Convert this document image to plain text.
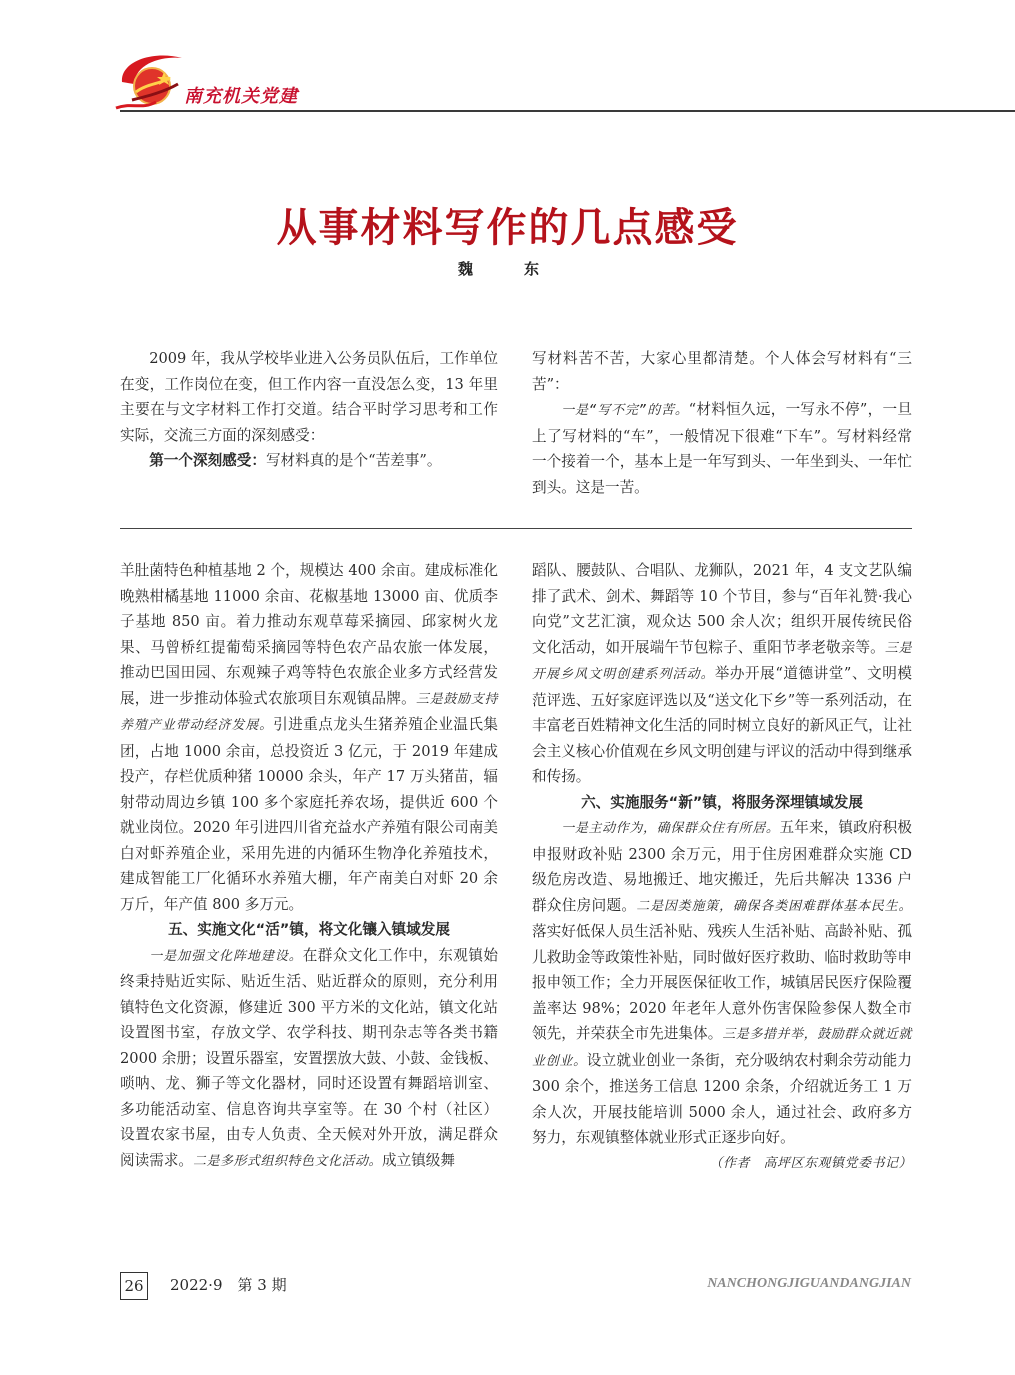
南充机关党建
从事材料写作的几点感受
魏　东

2009 年，我从学校毕业进入公务员队伍后，工作单位在变，工作岗位在变，但工作内容一直没怎么变，13 年里主要在与文字材料工作打交道。结合平时学习思考和工作实际，交流三方面的深刻感受：

第一个深刻感受：写材料真的是个“苦差事”。

写材料苦不苦，大家心里都清楚。个人体会写材料有“三苦”：

一是“写不完”的苦。“材料恒久远，一写永不停”，一旦上了写材料的“车”，一般情况下很难“下车”。写材料经常一个接着一个，基本上是一年写到头、一年坐到头、一年忙到头。这是一苦。

羊肚菌特色种植基地 2 个，规模达 400 余亩。建成标准化晚熟柑橘基地 11000 余亩、花椒基地 13000 亩、优质李子基地 850 亩。着力推动东观草莓采摘园、邱家树火龙果、马曾桥红提葡萄采摘园等特色农产品农旅一体发展，推动巴国田园、东观辣子鸡等特色农旅企业多方式经营发展，进一步推动体验式农旅项目东观镇品牌。三是鼓励支持养殖产业带动经济发展。引进重点龙头生猪养殖企业温氏集团，占地 1000 余亩，总投资近 3 亿元，于 2019 年建成投产，存栏优质种猪 10000 余头，年产 17 万头猪苗，辐射带动周边乡镇 100 多个家庭托养农场，提供近 600 个就业岗位。2020 年引进四川省充益水产养殖有限公司南美白对虾养殖企业，采用先进的内循环生物净化养殖技术，建成智能工厂化循环水养殖大棚，年产南美白对虾 20 余万斤，年产值 800 多万元。

五、实施文化“活”镇，将文化镶入镇域发展

一是加强文化阵地建设。在群众文化工作中，东观镇始终秉持贴近实际、贴近生活、贴近群众的原则，充分利用镇特色文化资源，修建近 300 平方米的文化站，镇文化站设置图书室，存放文学、农学科技、期刊杂志等各类书籍 2000 余册；设置乐器室，安置摆放大鼓、小鼓、金钱板、唢呐、龙、狮子等文化器材，同时还设置有舞蹈培训室、多功能活动室、信息咨询共享室等。在 30 个村（社区）设置农家书屋，由专人负责、全天候对外开放，满足群众阅读需求。二是多形式组织特色文化活动。成立镇级舞

蹈队、腰鼓队、合唱队、龙狮队，2021 年，4 支文艺队编排了武术、剑术、舞蹈等 10 个节目，参与“百年礼赞·我心向党”文艺汇演，观众达 500 余人次；组织开展传统民俗文化活动，如开展端午节包粽子、重阳节孝老敬亲等。三是开展乡风文明创建系列活动。举办开展“道德讲堂”、文明模范评选、五好家庭评选以及“送文化下乡”等一系列活动，在丰富老百姓精神文化生活的同时树立良好的新风正气，让社会主义核心价值观在乡风文明创建与评议的活动中得到继承和传扬。

六、实施服务“新”镇，将服务深埋镇域发展

一是主动作为，确保群众住有所居。五年来，镇政府积极申报财政补贴 2300 余万元，用于住房困难群众实施 CD 级危房改造、易地搬迁、地灾搬迁，先后共解决 1336 户群众住房问题。二是因类施策，确保各类困难群体基本民生。落实好低保人员生活补贴、残疾人生活补贴、高龄补贴、孤儿救助金等政策性补贴，同时做好医疗救助、临时救助等申报申领工作；全力开展医保征收工作，城镇居民医疗保险覆盖率达 98%；2020 年老年人意外伤害保险参保人数全市领先，并荣获全市先进集体。三是多措并举，鼓励群众就近就业创业。设立就业创业一条街，充分吸纳农村剩余劳动能力 300 余个，推送务工信息 1200 余条，介绍就近务工 1 万余人次，开展技能培训 5000 余人，通过社会、政府多方努力，东观镇整体就业形式正逐步向好。

（作者　高坪区东观镇党委书记）

26 2022·9　第 3 期	NANCHONGJIGUANDANGJIAN
